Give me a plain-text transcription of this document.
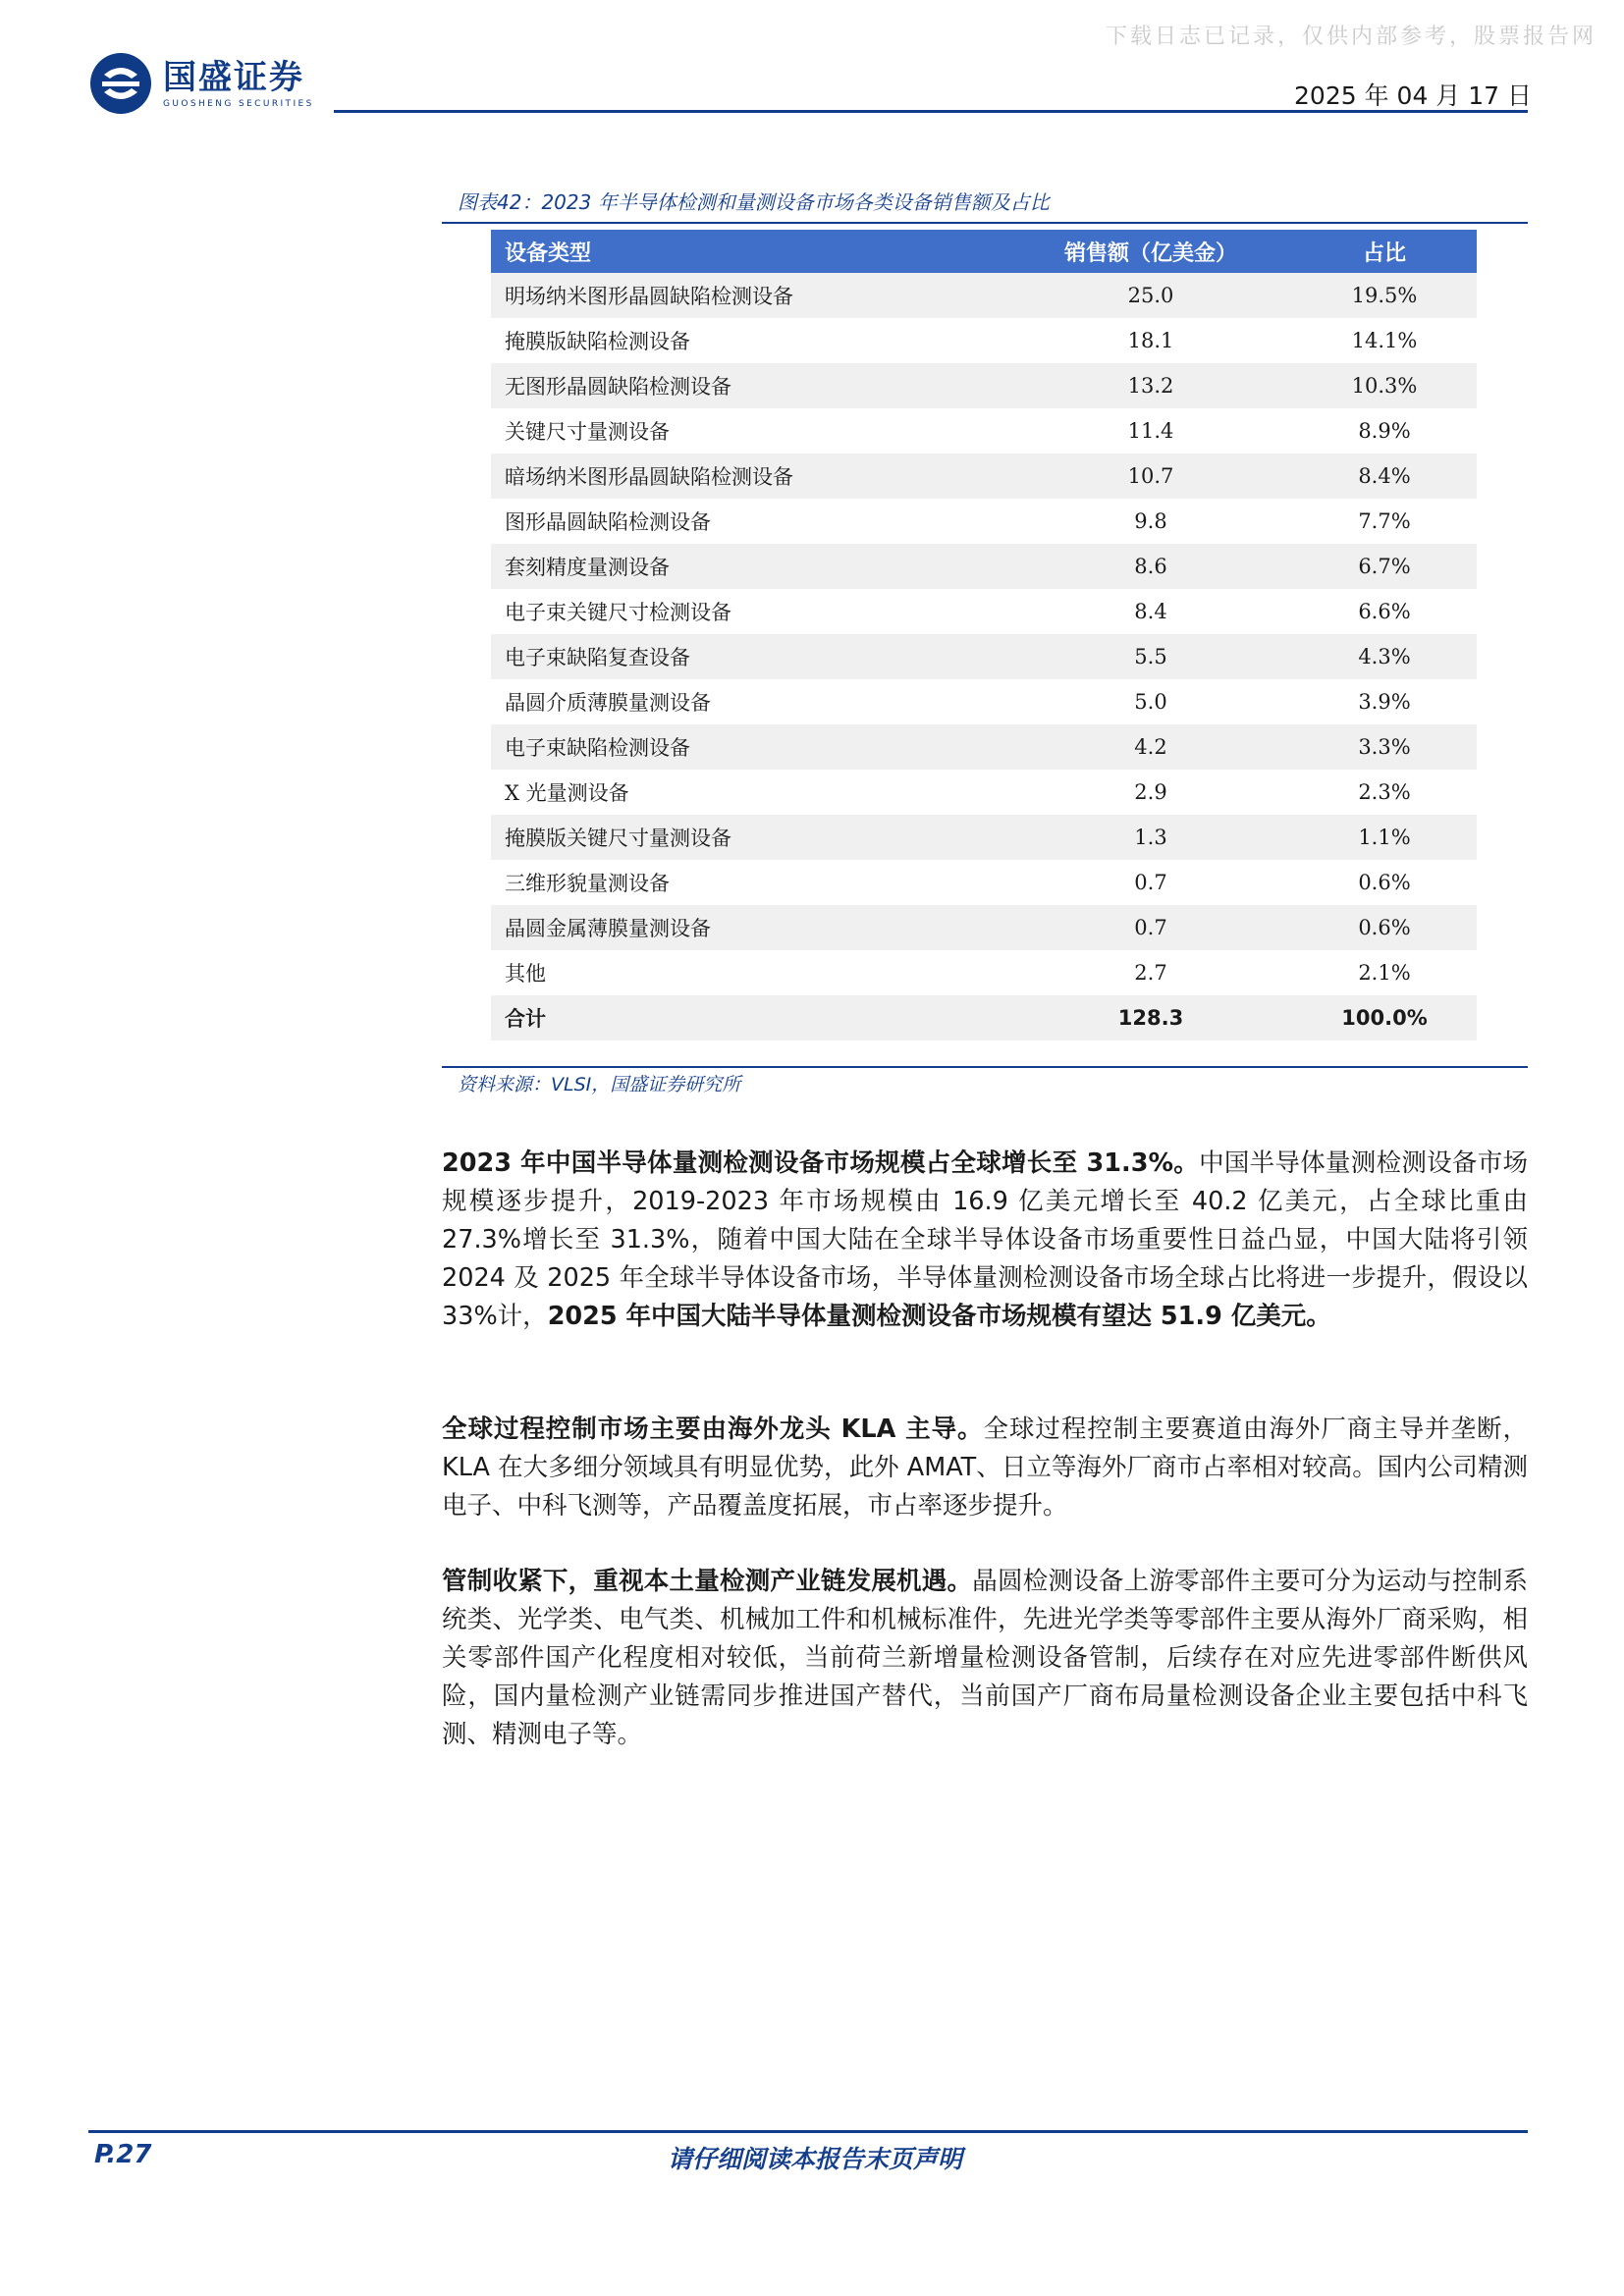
下载日志已记录，仅供内部参考，股票报告网
国盛证券
GUOSHENG SECURITIES	2025 年 04 月 17 日
图表42：2023 年半导体检测和量测设备市场各类设备销售额及占比
设备类型	销售额（亿美金）	占比
明场纳米图形晶圆缺陷检测设备	25.0	19.5%
掩膜版缺陷检测设备	18.1	14.1%
无图形晶圆缺陷检测设备	13.2	10.3%
关键尺寸量测设备	11.4	8.9%
暗场纳米图形晶圆缺陷检测设备	10.7	8.4%
图形晶圆缺陷检测设备	9.8	7.7%
套刻精度量测设备	8.6	6.7%
电子束关键尺寸检测设备	8.4	6.6%
电子束缺陷复查设备	5.5	4.3%
晶圆介质薄膜量测设备	5.0	3.9%
电子束缺陷检测设备	4.2	3.3%
X 光量测设备	2.9	2.3%
掩膜版关键尺寸量测设备	1.3	1.1%
三维形貌量测设备	0.7	0.6%
晶圆金属薄膜量测设备	0.7	0.6%
其他	2.7	2.1%
合计	128.3	100.0%
资料来源：VLSI，国盛证券研究所
2023 年中国半导体量测检测设备市场规模占全球增长至 31.3%。中国半导体量测检测设备市场规模逐步提升，2019-2023 年市场规模由 16.9 亿美元增长至 40.2 亿美元，占全球比重由 27.3%增长至 31.3%，随着中国大陆在全球半导体设备市场重要性日益凸显，中国大陆将引领 2024 及 2025 年全球半导体设备市场，半导体量测检测设备市场全球占比将进一步提升，假设以 33%计，2025 年中国大陆半导体量测检测设备市场规模有望达 51.9 亿美元。
全球过程控制市场主要由海外龙头 KLA 主导。全球过程控制主要赛道由海外厂商主导并垄断，KLA 在大多细分领域具有明显优势，此外 AMAT、日立等海外厂商市占率相对较高。国内公司精测电子、中科飞测等，产品覆盖度拓展，市占率逐步提升。
管制收紧下，重视本土量检测产业链发展机遇。晶圆检测设备上游零部件主要可分为运动与控制系统类、光学类、电气类、机械加工件和机械标准件，先进光学类等零部件主要从海外厂商采购，相关零部件国产化程度相对较低，当前荷兰新增量检测设备管制，后续存在对应先进零部件断供风险，国内量检测产业链需同步推进国产替代，当前国产厂商布局量检测设备企业主要包括中科飞测、精测电子等。
P.27	请仔细阅读本报告末页声明
